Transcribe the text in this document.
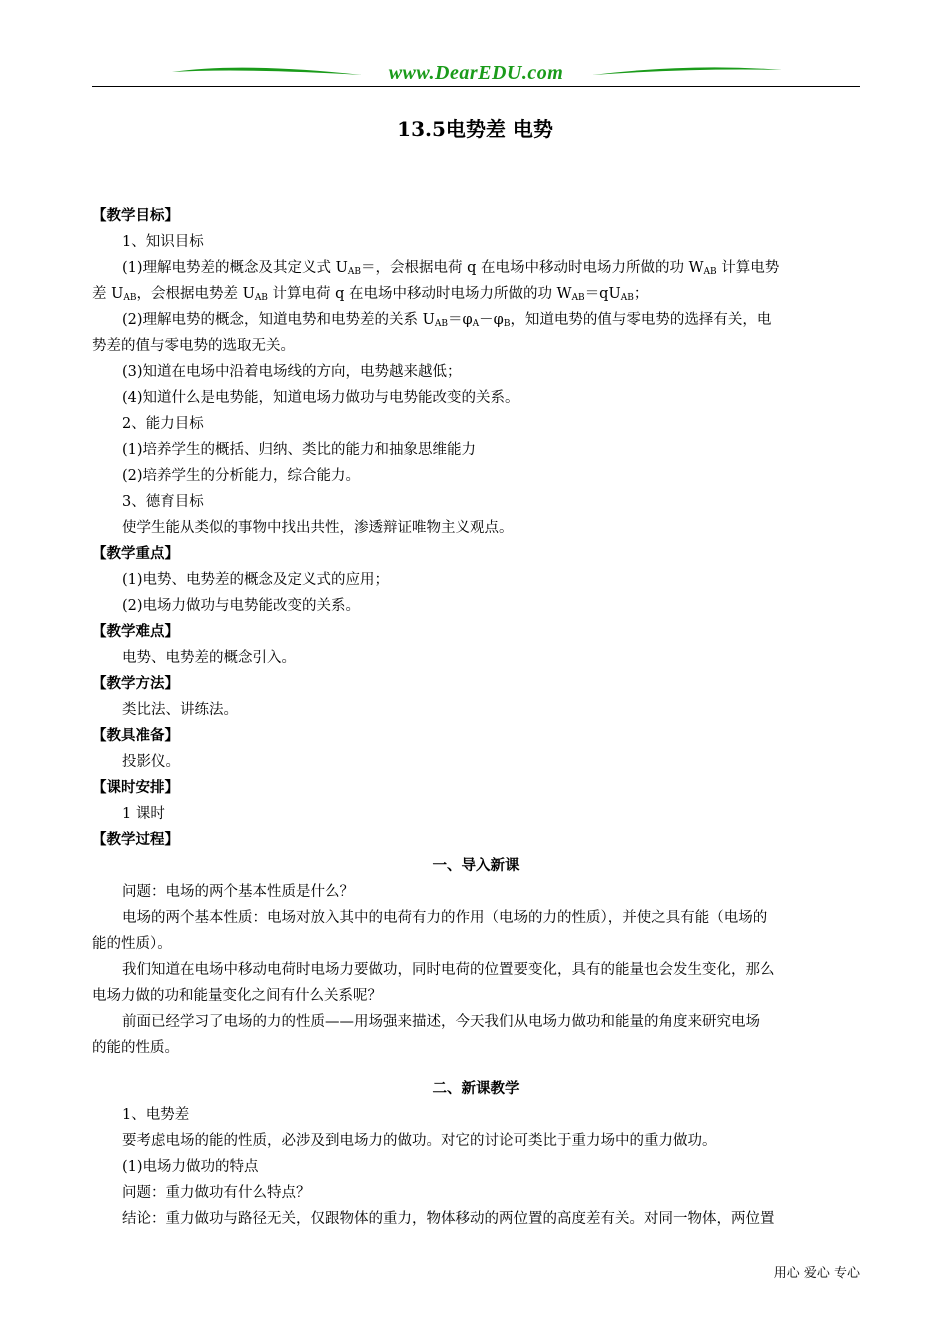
www.DearEDU.com
13.5电势差 电势
【教学目标】
1、知识目标
(1)理解电势差的概念及其定义式 $U_{AB}=$，会根据电荷 q 在电场中移动时电场力所做的功 $W_{AB}$ 计算电势
差 $U_{AB}$，会根据电势差 $U_{AB}$ 计算电荷 q 在电场中移动时电场力所做的功 $W_{AB}=qU_{AB}$；
(2)理解电势的概念，知道电势和电势差的关系 $U_{AB}=\varphi_A-\varphi_B$，知道电势的值与零电势的选择有关，电
势差的值与零电势的选取无关。
(3)知道在电场中沿着电场线的方向，电势越来越低；
(4)知道什么是电势能，知道电场力做功与电势能改变的关系。
2、能力目标
(1)培养学生的概括、归纳、类比的能力和抽象思维能力
(2)培养学生的分析能力，综合能力。
3、德育目标
使学生能从类似的事物中找出共性，渗透辩证唯物主义观点。
【教学重点】
(1)电势、电势差的概念及定义式的应用；
(2)电场力做功与电势能改变的关系。
【教学难点】
电势、电势差的概念引入。
【教学方法】
类比法、讲练法。
【教具准备】
投影仪。
【课时安排】
1 课时
【教学过程】
一、导入新课
问题：电场的两个基本性质是什么？
电场的两个基本性质：电场对放入其中的电荷有力的作用（电场的力的性质），并使之具有能（电场的
能的性质）。
我们知道在电场中移动电荷时电场力要做功，同时电荷的位置要变化，具有的能量也会发生变化，那么
电场力做的功和能量变化之间有什么关系呢？
前面已经学习了电场的力的性质——用场强来描述，今天我们从电场力做功和能量的角度来研究电场
的能的性质。
二、新课教学
1、电势差
要考虑电场的能的性质，必涉及到电场力的做功。对它的讨论可类比于重力场中的重力做功。
(1)电场力做功的特点
问题：重力做功有什么特点？
结论：重力做功与路径无关，仅跟物体的重力，物体移动的两位置的高度差有关。对同一物体，两位置
用心 爱心 专心
